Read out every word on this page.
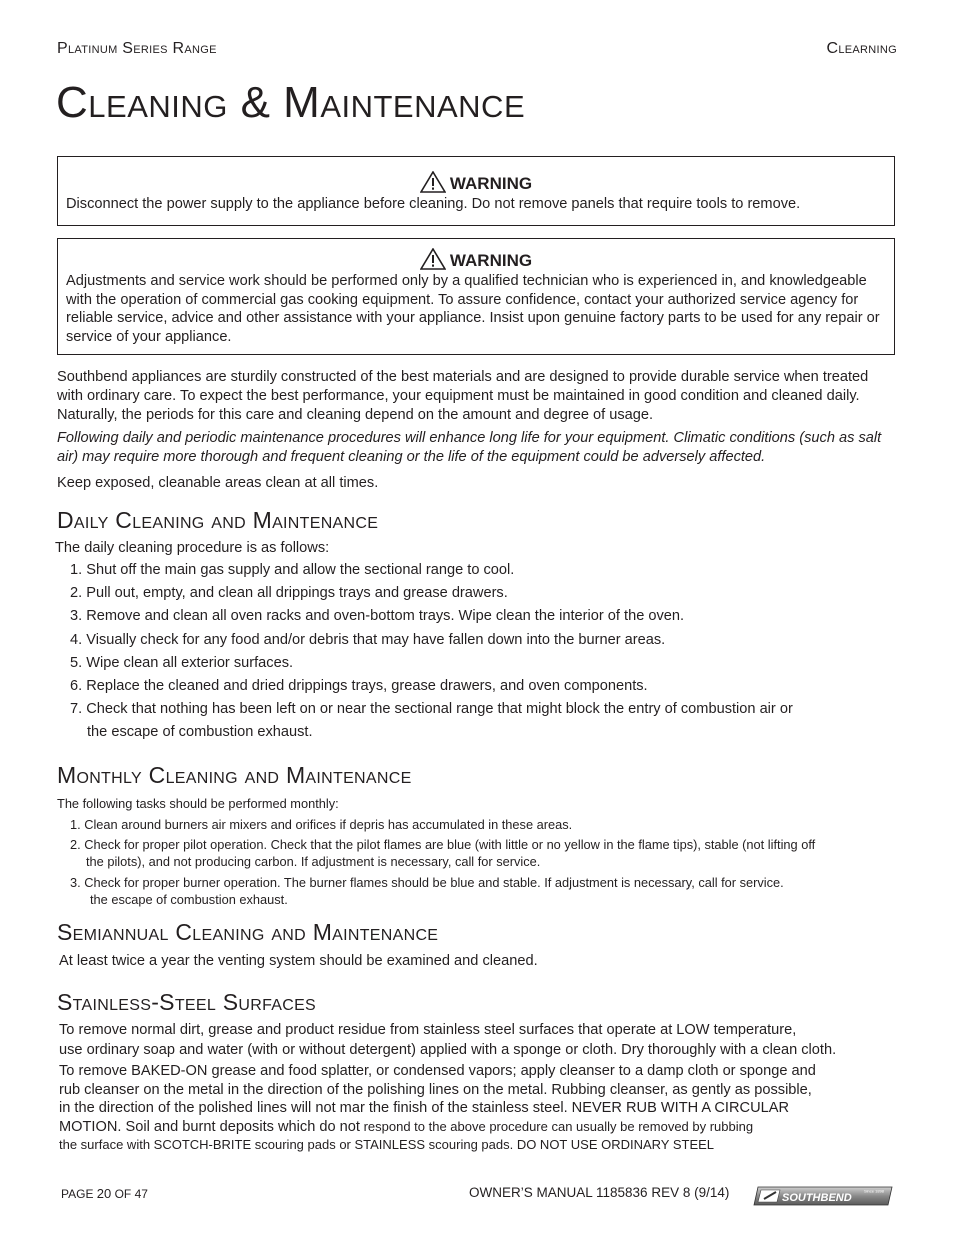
Platinum Series Range	Clearning
Cleaning & Maintenance
WARNING
Disconnect the power supply to the appliance before cleaning. Do not remove panels that require tools to remove.
WARNING
Adjustments and service work should be performed only by a qualified technician who is experienced in, and knowledgeable with the operation of commercial gas cooking equipment. To assure confidence, contact your authorized service agency for reliable service, advice and other assistance with your appliance. Insist upon genuine factory parts to be used for any repair or service of your appliance.

Southbend appliances are sturdily constructed of the best materials and are designed to provide durable service when treated with ordinary care. To expect the best performance, your equipment must be maintained in good condition and cleaned daily. Naturally, the periods for this care and cleaning depend on the amount and degree of usage.

Following daily and periodic maintenance procedures will enhance long life for your equipment. Climatic conditions (such as salt air) may require more thorough and frequent cleaning or the life of the equipment could be adversely affected.

Keep exposed, cleanable areas clean at all times.

Daily Cleaning and Maintenance

The daily cleaning procedure is as follows:

1. Shut off the main gas supply and allow the sectional range to cool.
2. Pull out, empty, and clean all drippings trays and grease drawers.
3. Remove and clean all oven racks and oven-bottom trays. Wipe clean the interior of the oven.
4. Visually check for any food and/or debris that may have fallen down into the burner areas.
5. Wipe clean all exterior surfaces.
6. Replace the cleaned and dried drippings trays, grease drawers, and oven components.
7. Check that nothing has been left on or near the sectional range that might block the entry of combustion air or
the escape of combustion exhaust.
Monthly Cleaning and Maintenance

The following tasks should be performed monthly:

1. Clean around burners air mixers and orifices if depris has accumulated in these areas.
2. Check for proper pilot operation. Check that the pilot flames are blue (with little or no yellow in the flame tips), stable (not lifting off
the pilots), and not producing carbon. If adjustment is necessary, call for service.
3. Check for proper burner operation. The burner flames should be blue and stable. If adjustment is necessary, call for service.
the escape of combustion exhaust.
Semiannual Cleaning and Maintenance

At least twice a year the venting system should be examined and cleaned.

Stainless-Steel Surfaces
To remove normal dirt, grease and product residue from stainless steel surfaces that operate at LOW temperature,
use ordinary soap and water (with or without detergent) applied with a sponge or cloth. Dry thoroughly with a clean cloth.
To remove BAKED-ON grease and food splatter, or condensed vapors; apply cleanser to a damp cloth or sponge and
rub cleanser on the metal in the direction of the polishing lines on the metal. Rubbing cleanser, as gently as possible,
in the direction of the polished lines will not mar the finish of the stainless steel. NEVER RUB WITH A CIRCULAR
MOTION. Soil and burnt deposits which do not respond to the above procedure can usually be removed by rubbing
the surface with SCOTCH-BRITE scouring pads or STAINLESS scouring pads. DO NOT USE ORDINARY STEEL
PAGE 20 OF 47	OWNER’S MANUAL 1185836 REV 8 (9/14)	SOUTHBEND
Since 1898
